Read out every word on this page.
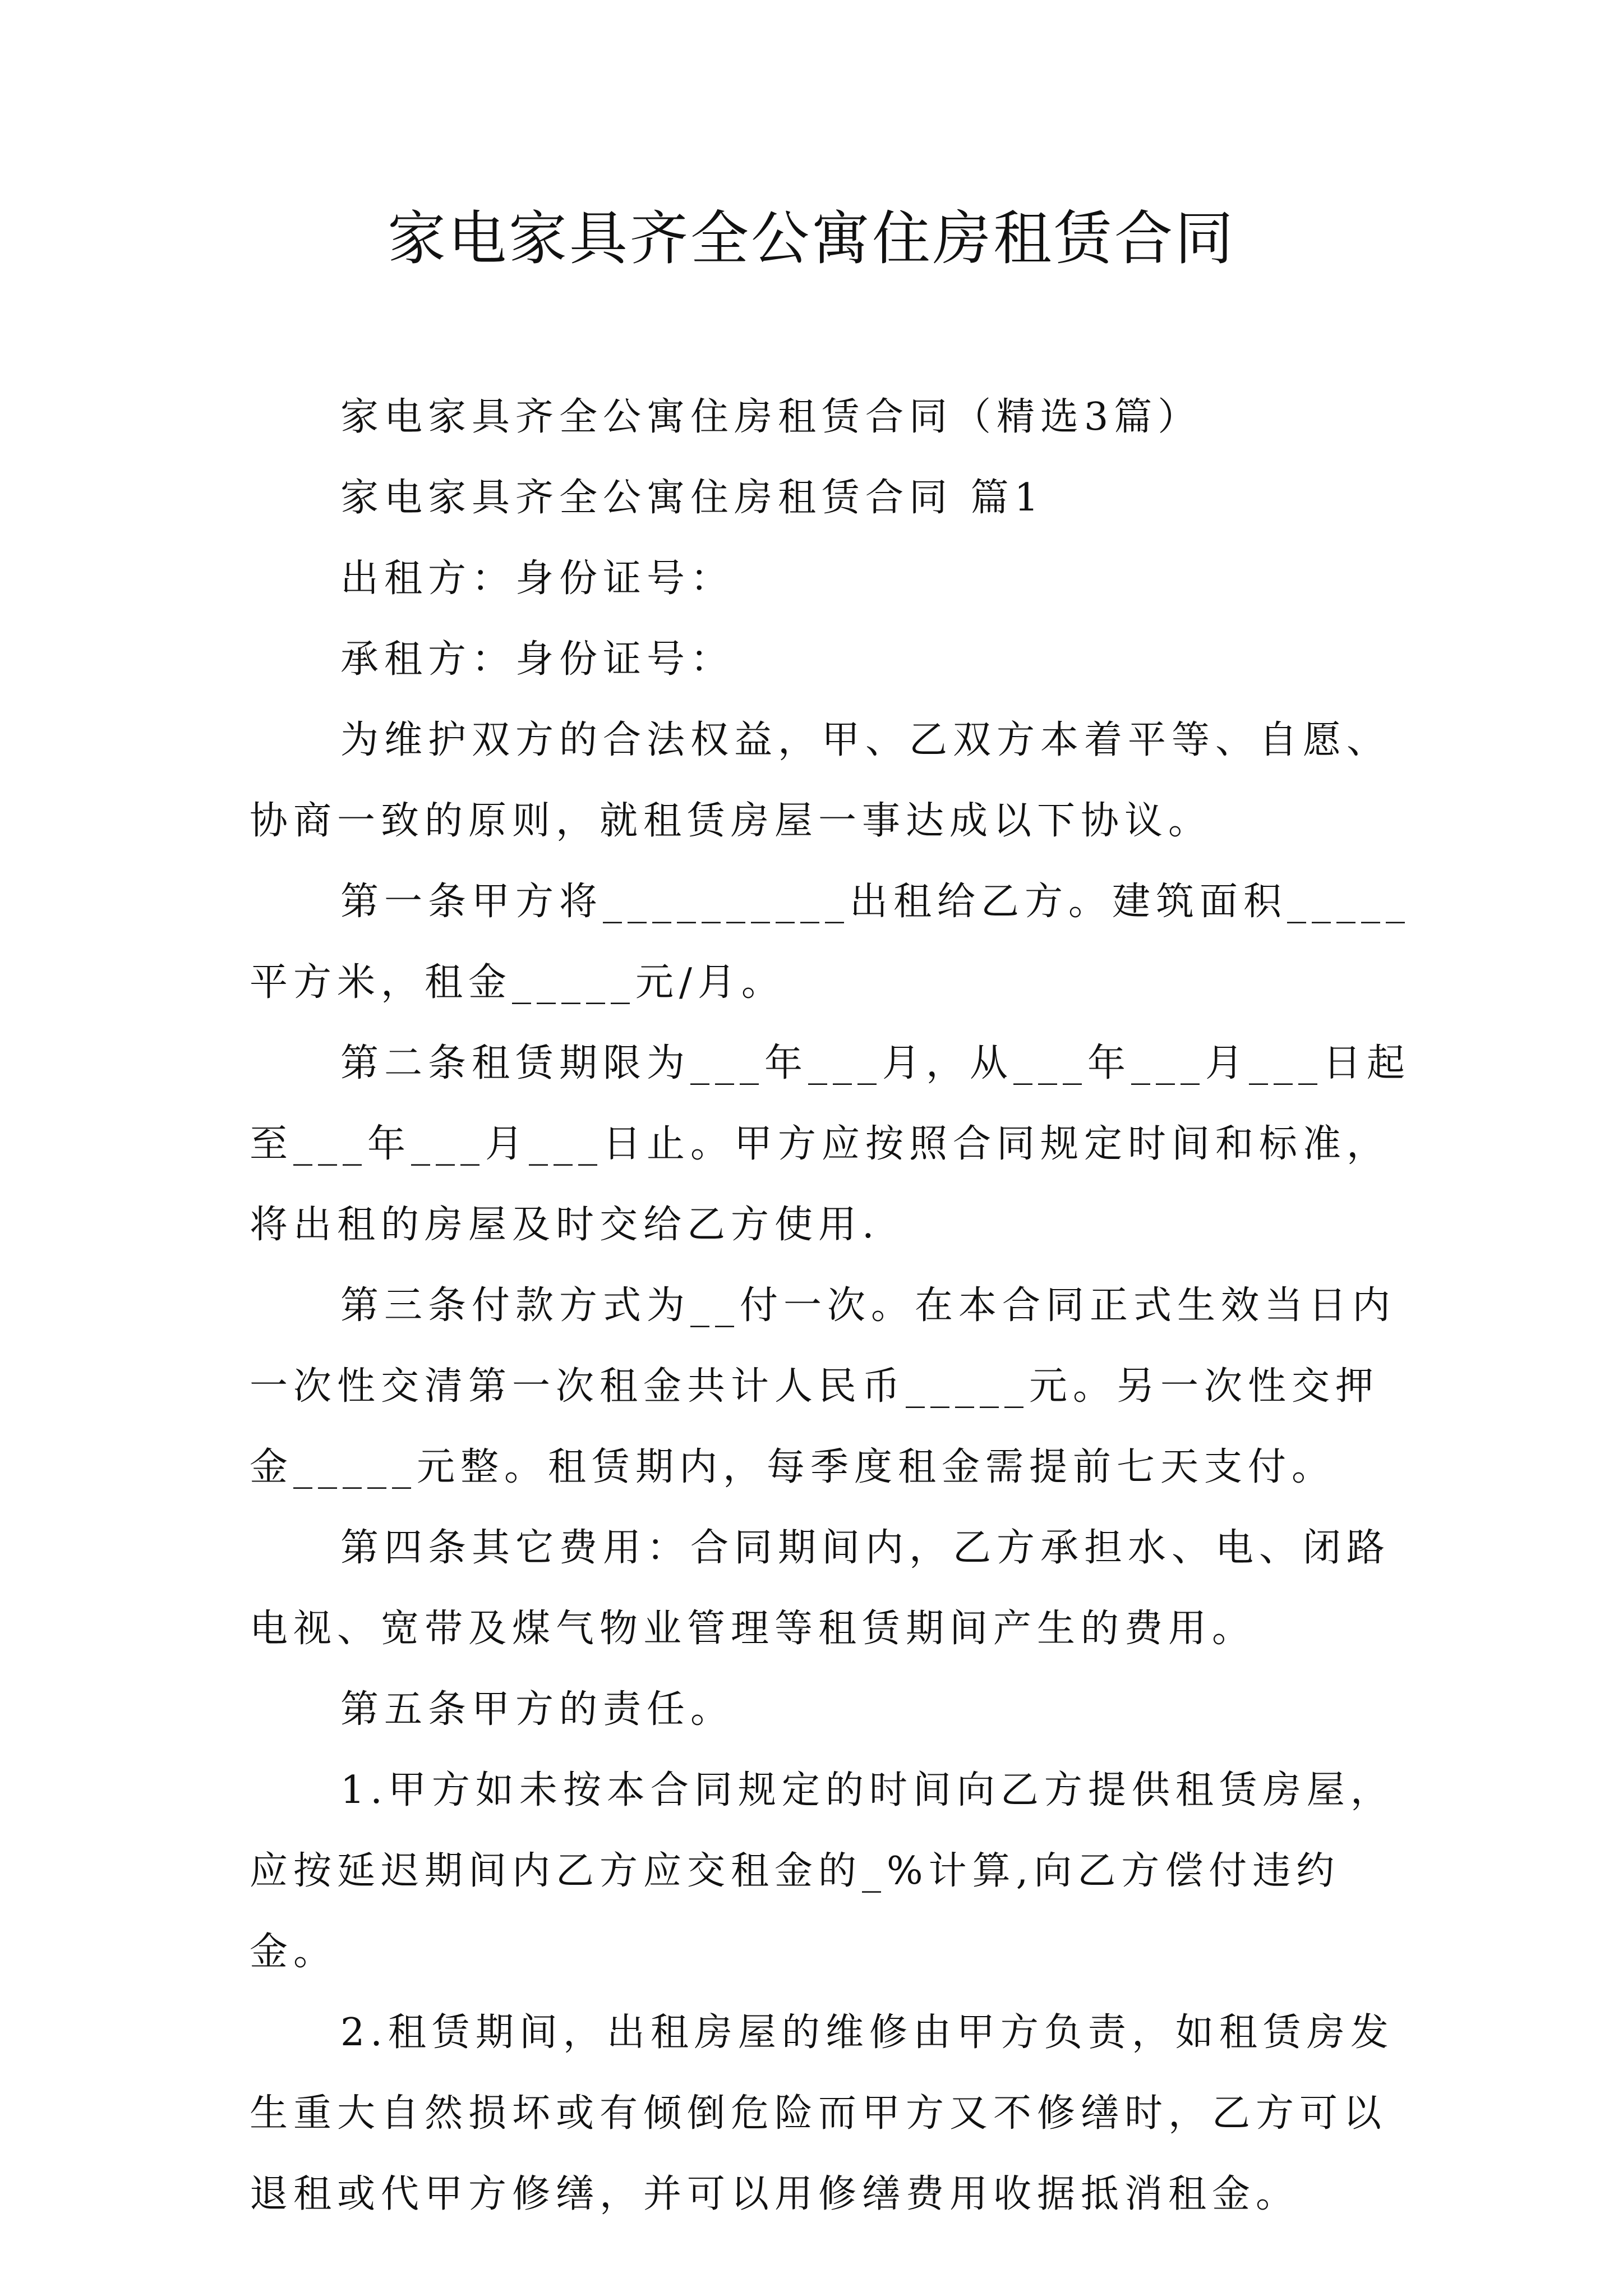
家电家具齐全公寓住房租赁合同

家电家具齐全公寓住房租赁合同（精选3篇）

家电家具齐全公寓住房租赁合同 篇1

出租方：身份证号：

承租方：身份证号：

为维护双方的合法权益，甲、乙双方本着平等、自愿、协商一致的原则，就租赁房屋一事达成以下协议。

第一条甲方将__________出租给乙方。建筑面积_____平方米，租金_____元/月。

第二条租赁期限为___年___月，从___年___月___日起至___年___月___日止。甲方应按照合同规定时间和标准，将出租的房屋及时交给乙方使用.

第三条付款方式为__付一次。在本合同正式生效当日内一次性交清第一次租金共计人民币_____元。另一次性交押金_____元整。租赁期内，每季度租金需提前七天支付。

第四条其它费用：合同期间内，乙方承担水、电、闭路电视、宽带及煤气物业管理等租赁期间产生的费用。

第五条甲方的责任。

1.甲方如未按本合同规定的时间向乙方提供租赁房屋，应按延迟期间内乙方应交租金的_%计算,向乙方偿付违约金。

2.租赁期间，出租房屋的维修由甲方负责，如租赁房发生重大自然损坏或有倾倒危险而甲方又不修缮时，乙方可以退租或代甲方修缮，并可以用修缮费用收据抵消租金。
